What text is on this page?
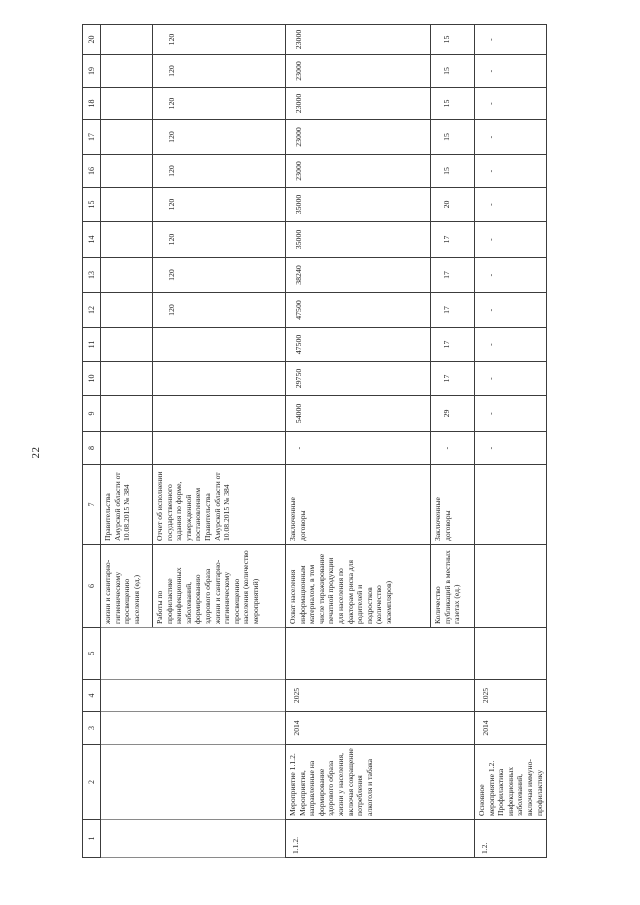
22
1	2	3	4	5	6	7	8	9	10	11	12	13	14	15	16	17	18	19	20
					жизни и санитарно-гигиеническому просвещению населения (ед.)	Правительства Амурской области от 10.08.2015 № 384													
					Работы по профилактике неинфекционных заболеваний, формированию здорового образа жизни и санитарно-гигиеническому просвещению населения (количество мероприятий)	Отчет об исполнении государственного задания по форме, утвержденной постановлением Правительства Амурской области от 10.08.2015 № 384					120	120	120	120	120	120	120	120	120
1.1.2.	Мероприятие 1.1.2. Мероприятия, направленные на формирование здорового образа жизни у населения, включая сокращение потребления алкоголя и табака	2014	2025		Охват населения информационным материалом, в том числе тиражирование печатной продукции для населения по факторам риска для родителей и подростков (количество экземпляров)	Заключенные договоры	-	54000	29750	47500	47500	38240	35000	35000	23000	23000	23000	23000	23000
					Количество публикаций в местных газетах (ед.)	Заключенные договоры	-	29	17	17	17	17	17	20	15	15	15	15	15
1.2.	Основное мероприятие 1.2. Профилактика инфекционных заболеваний, включая иммуно-профилактику	2014	2025				-	-	-	-	-	-	-	-	-	-	-	-	-
